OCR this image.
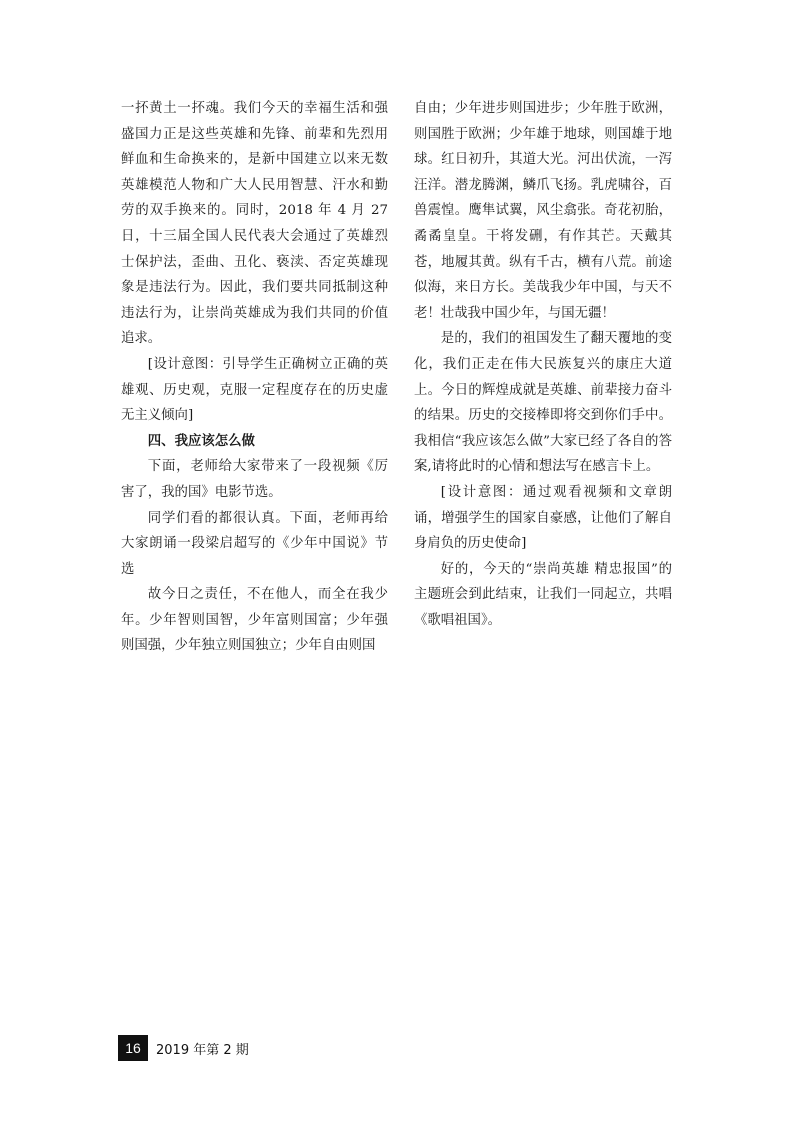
一抔黄土一抔魂。我们今天的幸福生活和强盛国力正是这些英雄和先锋、前辈和先烈用鲜血和生命换来的，是新中国建立以来无数英雄模范人物和广大人民用智慧、汗水和勤劳的双手换来的。同时，2018 年 4 月 27 日，十三届全国人民代表大会通过了英雄烈士保护法，歪曲、丑化、亵渎、否定英雄现象是违法行为。因此，我们要共同抵制这种违法行为，让崇尚英雄成为我们共同的价值追求。

[设计意图：引导学生正确树立正确的英雄观、历史观，克服一定程度存在的历史虚无主义倾向]

四、我应该怎么做

下面，老师给大家带来了一段视频《厉害了，我的国》电影节选。

同学们看的都很认真。下面，老师再给大家朗诵一段梁启超写的《少年中国说》节选

故今日之责任，不在他人，而全在我少年。少年智则国智，少年富则国富；少年强则国强，少年独立则国独立；少年自由则国

自由；少年进步则国进步；少年胜于欧洲，则国胜于欧洲；少年雄于地球，则国雄于地球。红日初升，其道大光。河出伏流，一泻汪洋。潜龙腾渊，鳞爪飞扬。乳虎啸谷，百兽震惶。鹰隼试翼，风尘翕张。奇花初胎，矞矞皇皇。干将发硎，有作其芒。天戴其苍，地履其黄。纵有千古，横有八荒。前途似海，来日方长。美哉我少年中国，与天不老！壮哉我中国少年，与国无疆！

是的，我们的祖国发生了翻天覆地的变化，我们正走在伟大民族复兴的康庄大道上。今日的辉煌成就是英雄、前辈接力奋斗的结果。历史的交接棒即将交到你们手中。我相信“我应该怎么做”大家已经了各自的答案,请将此时的心情和想法写在感言卡上。

[设计意图：通过观看视频和文章朗诵，增强学生的国家自豪感，让他们了解自身肩负的历史使命]

好的，今天的“崇尚英雄 精忠报国”的主题班会到此结束，让我们一同起立，共唱《歌唱祖国》。

16	2019 年第 2 期
